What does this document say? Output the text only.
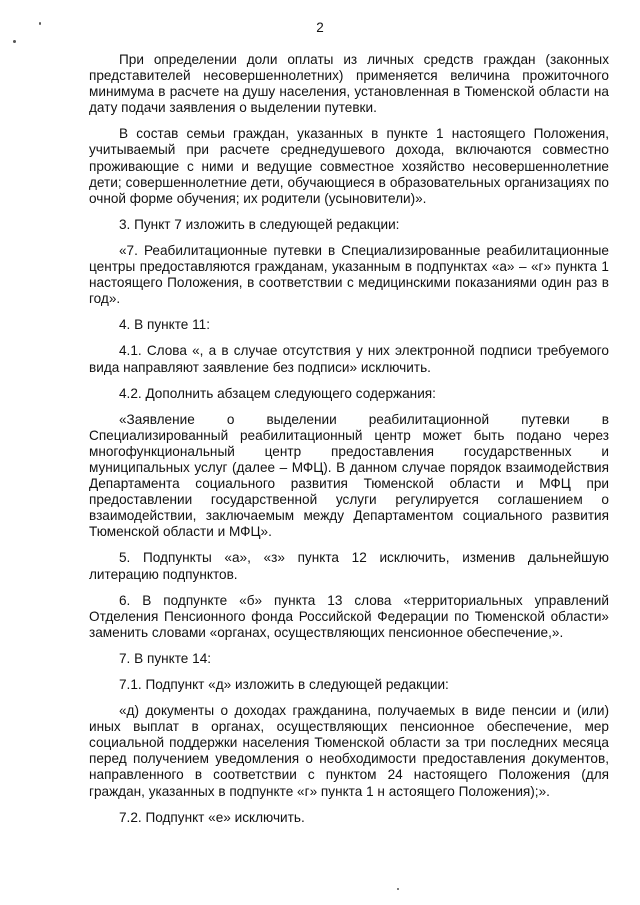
2

При определении доли оплаты из личных средств граждан (законных представителей несовершеннолетних) применяется величина прожиточного минимума в расчете на душу населения, установленная в Тюменской области на дату подачи заявления о выделении путевки.

В состав семьи граждан, указанных в пункте 1 настоящего Положения, учитываемый при расчете среднедушевого дохода, включаются совместно проживающие с ними и ведущие совместное хозяйство несовершеннолетние дети; совершеннолетние дети, обучающиеся в образовательных организациях по очной форме обучения; их родители (усыновители)».

3. Пункт 7 изложить в следующей редакции:

«7. Реабилитационные путевки в Специализированные реабилитационные центры предоставляются гражданам, указанным в подпунктах «а» – «г» пункта 1 настоящего Положения, в соответствии с медицинскими показаниями один раз в год».

4. В пункте 11:

4.1. Слова «, а в случае отсутствия у них электронной подписи требуемого вида направляют заявление без подписи» исключить.

4.2. Дополнить абзацем следующего содержания:

«Заявление о выделении реабилитационной путевки в Специализированный реабилитационный центр может быть подано через многофункциональный центр предоставления государственных и муниципальных услуг (далее – МФЦ). В данном случае порядок взаимодействия Департамента социального развития Тюменской области и МФЦ при предоставлении государственной услуги регулируется соглашением о взаимодействии, заключаемым между Департаментом социального развития Тюменской области и МФЦ».

5. Подпункты «а», «з» пункта 12 исключить, изменив дальнейшую литерацию подпунктов.

6. В подпункте «б» пункта 13 слова «территориальных управлений Отделения Пенсионного фонда Российской Федерации по Тюменской области» заменить словами «органах, осуществляющих пенсионное обеспечение,».

7. В пункте 14:

7.1. Подпункт «д» изложить в следующей редакции:

«д) документы о доходах гражданина, получаемых в виде пенсии и (или) иных выплат в органах, осуществляющих пенсионное обеспечение, мер социальной поддержки населения Тюменской области за три последних месяца перед получением уведомления о необходимости предоставления документов, направленного в соответствии с пунктом 24 настоящего Положения (для граждан, указанных в подпункте «г» пункта 1 н астоящего Положения);».

7.2. Подпункт «е» исключить.
